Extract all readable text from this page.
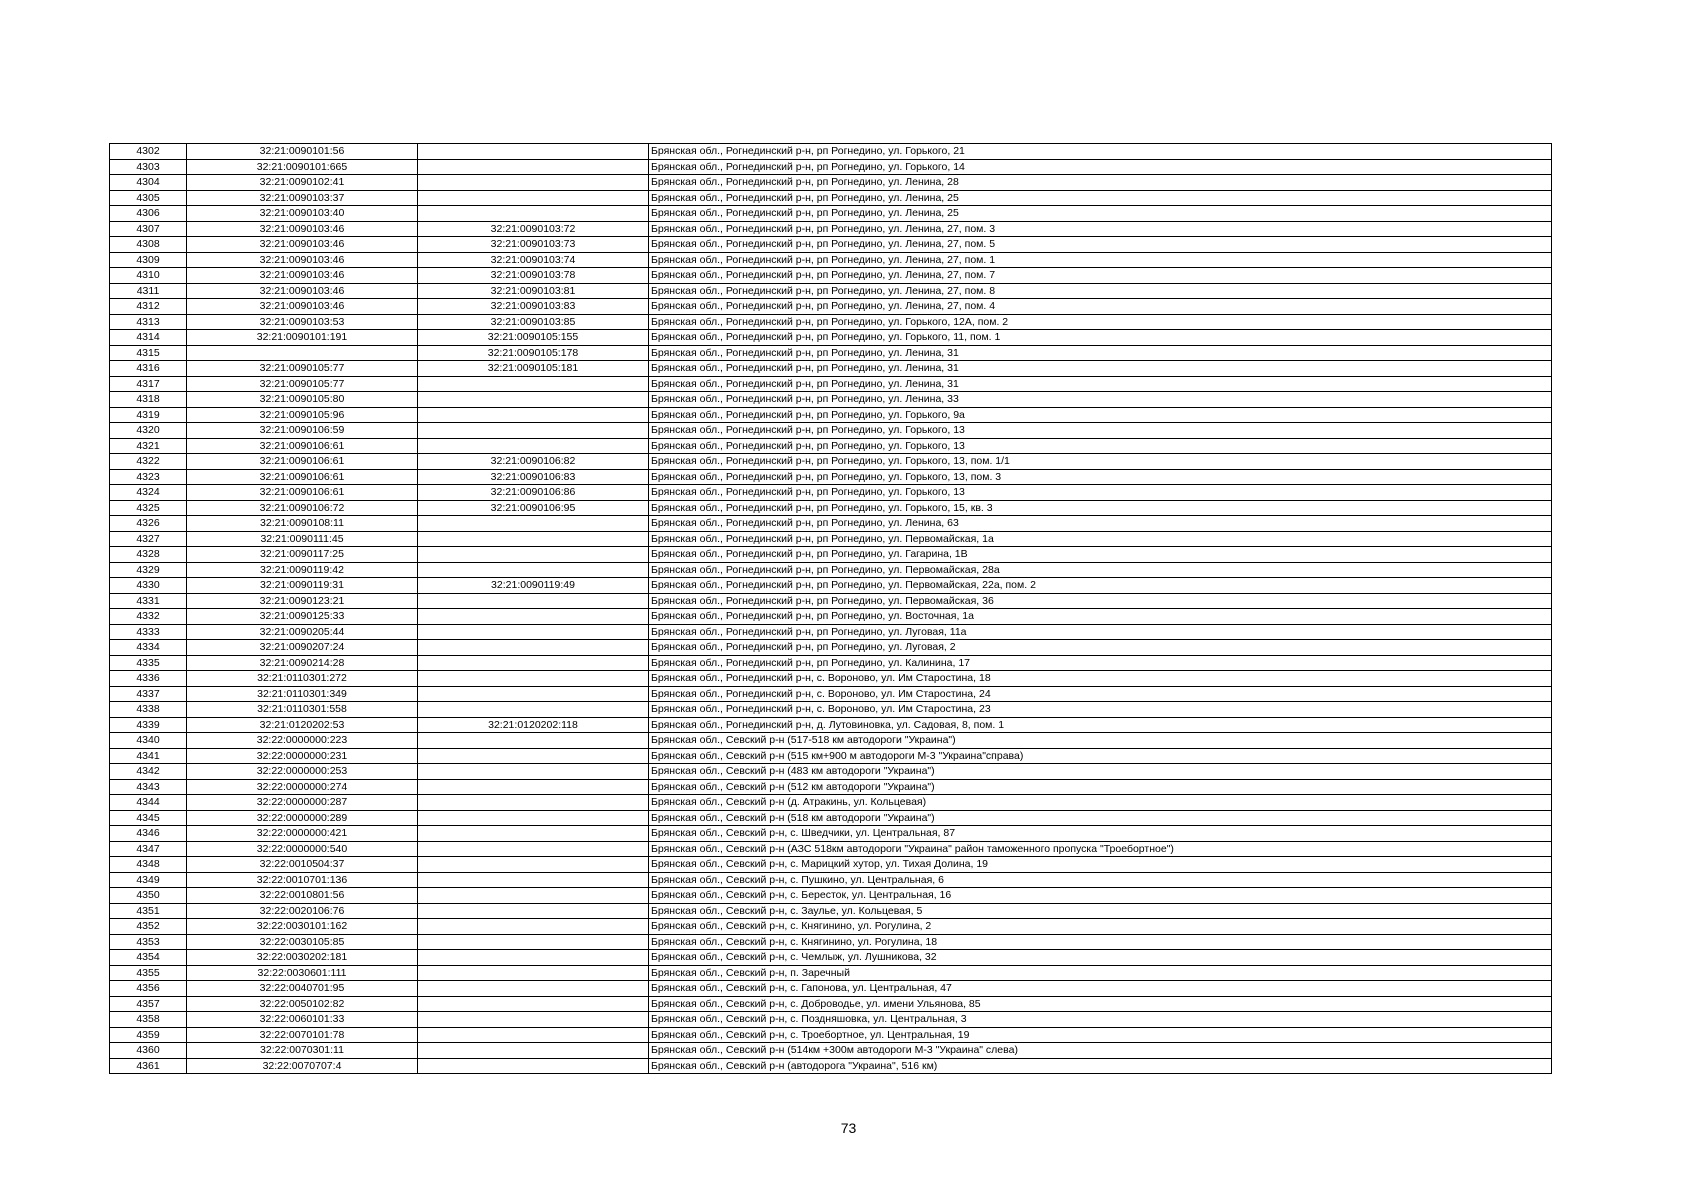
4302	32:21:0090101:56		Брянская обл., Рогнединский р-н, рп Рогнедино, ул. Горького, 21
4303	32:21:0090101:665		Брянская обл., Рогнединский р-н, рп Рогнедино, ул. Горького, 14
4304	32:21:0090102:41		Брянская обл., Рогнединский р-н, рп Рогнедино, ул. Ленина, 28
4305	32:21:0090103:37		Брянская обл., Рогнединский р-н, рп Рогнедино, ул. Ленина, 25
4306	32:21:0090103:40		Брянская обл., Рогнединский р-н, рп Рогнедино, ул. Ленина, 25
4307	32:21:0090103:46	32:21:0090103:72	Брянская обл., Рогнединский р-н, рп Рогнедино, ул. Ленина, 27, пом. 3
4308	32:21:0090103:46	32:21:0090103:73	Брянская обл., Рогнединский р-н, рп Рогнедино, ул. Ленина, 27, пом. 5
4309	32:21:0090103:46	32:21:0090103:74	Брянская обл., Рогнединский р-н, рп Рогнедино, ул. Ленина, 27, пом. 1
4310	32:21:0090103:46	32:21:0090103:78	Брянская обл., Рогнединский р-н, рп Рогнедино, ул. Ленина, 27, пом. 7
4311	32:21:0090103:46	32:21:0090103:81	Брянская обл., Рогнединский р-н, рп Рогнедино, ул. Ленина, 27, пом. 8
4312	32:21:0090103:46	32:21:0090103:83	Брянская обл., Рогнединский р-н, рп Рогнедино, ул. Ленина, 27, пом. 4
4313	32:21:0090103:53	32:21:0090103:85	Брянская обл., Рогнединский р-н, рп Рогнедино, ул. Горького, 12А, пом. 2
4314	32:21:0090101:191	32:21:0090105:155	Брянская обл., Рогнединский р-н, рп Рогнедино, ул. Горького, 11, пом. 1
4315		32:21:0090105:178	Брянская обл., Рогнединский р-н, рп Рогнедино, ул. Ленина, 31
4316	32:21:0090105:77	32:21:0090105:181	Брянская обл., Рогнединский р-н, рп Рогнедино, ул. Ленина, 31
4317	32:21:0090105:77		Брянская обл., Рогнединский р-н, рп Рогнедино, ул. Ленина, 31
4318	32:21:0090105:80		Брянская обл., Рогнединский р-н, рп Рогнедино, ул. Ленина, 33
4319	32:21:0090105:96		Брянская обл., Рогнединский р-н, рп Рогнедино, ул. Горького, 9а
4320	32:21:0090106:59		Брянская обл., Рогнединский р-н, рп Рогнедино, ул. Горького, 13
4321	32:21:0090106:61		Брянская обл., Рогнединский р-н, рп Рогнедино, ул. Горького, 13
4322	32:21:0090106:61	32:21:0090106:82	Брянская обл., Рогнединский р-н, рп Рогнедино, ул. Горького, 13, пом. 1/1
4323	32:21:0090106:61	32:21:0090106:83	Брянская обл., Рогнединский р-н, рп Рогнедино, ул. Горького, 13, пом. 3
4324	32:21:0090106:61	32:21:0090106:86	Брянская обл., Рогнединский р-н, рп Рогнедино, ул. Горького, 13
4325	32:21:0090106:72	32:21:0090106:95	Брянская обл., Рогнединский р-н, рп Рогнедино, ул. Горького, 15, кв. 3
4326	32:21:0090108:11		Брянская обл., Рогнединский р-н, рп Рогнедино, ул. Ленина, 63
4327	32:21:0090111:45		Брянская обл., Рогнединский р-н, рп Рогнедино, ул. Первомайская, 1а
4328	32:21:0090117:25		Брянская обл., Рогнединский р-н, рп Рогнедино, ул. Гагарина, 1В
4329	32:21:0090119:42		Брянская обл., Рогнединский р-н, рп Рогнедино, ул. Первомайская, 28а
4330	32:21:0090119:31	32:21:0090119:49	Брянская обл., Рогнединский р-н, рп Рогнедино, ул. Первомайская, 22а, пом. 2
4331	32:21:0090123:21		Брянская обл., Рогнединский р-н, рп Рогнедино, ул. Первомайская, 36
4332	32:21:0090125:33		Брянская обл., Рогнединский р-н, рп Рогнедино, ул. Восточная, 1а
4333	32:21:0090205:44		Брянская обл., Рогнединский р-н, рп Рогнедино, ул. Луговая, 11а
4334	32:21:0090207:24		Брянская обл., Рогнединский р-н, рп Рогнедино, ул. Луговая, 2
4335	32:21:0090214:28		Брянская обл., Рогнединский р-н, рп Рогнедино, ул. Калинина, 17
4336	32:21:0110301:272		Брянская обл., Рогнединский р-н, с. Вороново, ул. Им Старостина, 18
4337	32:21:0110301:349		Брянская обл., Рогнединский р-н, с. Вороново, ул. Им Старостина, 24
4338	32:21:0110301:558		Брянская обл., Рогнединский р-н, с. Вороново, ул. Им Старостина, 23
4339	32:21:0120202:53	32:21:0120202:118	Брянская обл., Рогнединский р-н, д. Лутовиновка, ул. Садовая, 8, пом. 1
4340	32:22:0000000:223		Брянская обл., Севский р-н (517-518 км автодороги "Украина")
4341	32:22:0000000:231		Брянская обл., Севский р-н (515 км+900 м автодороги М-3 "Украина"справа)
4342	32:22:0000000:253		Брянская обл., Севский р-н (483 км автодороги "Украина")
4343	32:22:0000000:274		Брянская обл., Севский р-н (512 км автодороги "Украина")
4344	32:22:0000000:287		Брянская обл., Севский р-н (д. Атракинь, ул. Кольцевая)
4345	32:22:0000000:289		Брянская обл., Севский р-н (518 км автодороги "Украина")
4346	32:22:0000000:421		Брянская обл., Севский р-н, с. Шведчики, ул. Центральная, 87
4347	32:22:0000000:540		Брянская обл., Севский р-н (АЗС 518км автодороги "Украина" район таможенного пропуска "Троебортное")
4348	32:22:0010504:37		Брянская обл., Севский р-н, с. Марицкий хутор, ул. Тихая Долина, 19
4349	32:22:0010701:136		Брянская обл., Севский р-н, с. Пушкино, ул. Центральная, 6
4350	32:22:0010801:56		Брянская обл., Севский р-н, с. Бересток, ул. Центральная, 16
4351	32:22:0020106:76		Брянская обл., Севский р-н, с. Заулье, ул. Кольцевая, 5
4352	32:22:0030101:162		Брянская обл., Севский р-н, с. Княгинино, ул. Рогулина, 2
4353	32:22:0030105:85		Брянская обл., Севский р-н, с. Княгинино, ул. Рогулина, 18
4354	32:22:0030202:181		Брянская обл., Севский р-н, с. Чемлыж, ул. Лушникова, 32
4355	32:22:0030601:111		Брянская обл., Севский р-н, п. Заречный
4356	32:22:0040701:95		Брянская обл., Севский р-н, с. Гапонова, ул. Центральная, 47
4357	32:22:0050102:82		Брянская обл., Севский р-н, с. Доброводье, ул. имени Ульянова, 85
4358	32:22:0060101:33		Брянская обл., Севский р-н, с. Поздняшовка, ул. Центральная, 3
4359	32:22:0070101:78		Брянская обл., Севский р-н, с. Троебортное, ул. Центральная, 19
4360	32:22:0070301:11		Брянская обл., Севский р-н (514км +300м автодороги М-3 "Украина" слева)
4361	32:22:0070707:4		Брянская обл., Севский р-н (автодорога "Украина", 516 км)
73
